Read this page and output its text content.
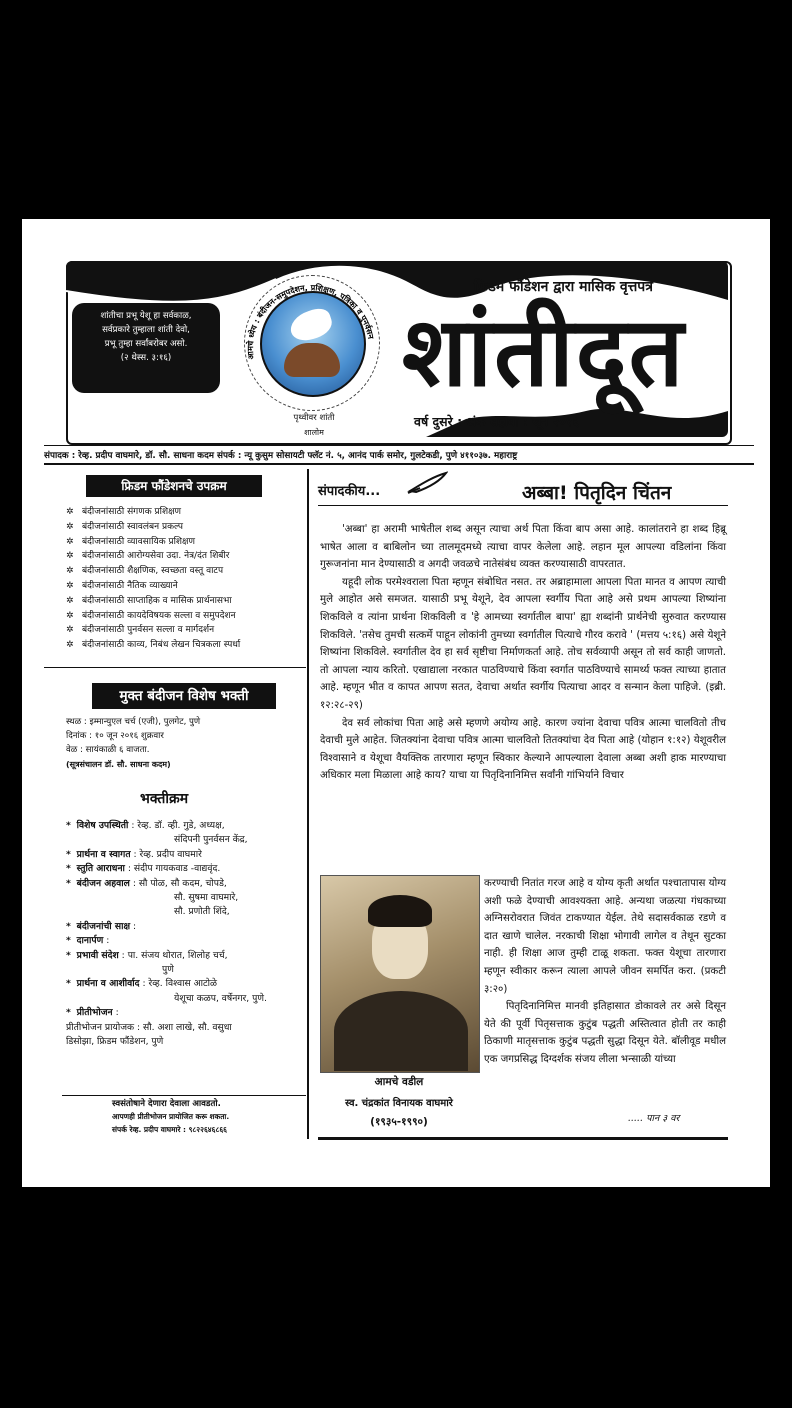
शांतीचा प्रभू येशू हा सर्वकाळ,
सर्वप्रकारे तुम्हाला शांती देवो,
प्रभू तुम्हा सर्वांबरोबर असो.
(२ थेस्स. ३:१६)	आमचे ध्येय : बंदीजन-समुपदेशन, प्रशिक्षण, पत्रिका व पुनर्वसन
पृथ्वीवर शांती
शालोम
फ्रिडम फौंडेशन द्वारा मासिक वृत्तपत्र
शांतीदूत
वर्ष दुसरे : अंक सहावा : जून २०१६
संपादक : रेव्ह. प्रदीप वाघमारे, डॉ. सौ. साधना कदम संपर्क : न्यू कुसुम सोसायटी फ्लॅट नं. ५, आनंद पार्क समोर, गुलटेकडी, पुणे ४११०३७. महाराष्ट्र
फ्रिडम फौंडेशनचे उपक्रम
✲ बंदीजनांसाठी संगणक प्रशिक्षण
✲ बंदीजनांसाठी स्वावलंबन प्रकल्प
✲ बंदीजनांसाठी व्यावसायिक प्रशिक्षण
✲ बंदीजनांसाठी आरोग्यसेवा उदा. नेत्र/दंत शिबीर
✲ बंदीजनांसाठी शैक्षणिक, स्वच्छता वस्तू वाटप
✲ बंदीजनांसाठी नैतिक व्याख्याने
✲ बंदीजनांसाठी साप्ताहिक व मासिक प्रार्थनासभा
✲ बंदीजनांसाठी कायदेविषयक सल्ला व समुपदेशन
✲ बंदीजनांसाठी पुनर्वसन सल्ला व मार्गदर्शन
✲ बंदीजनांसाठी काव्य, निबंध लेखन चित्रकला स्पर्धा
मुक्त बंदीजन विशेष भक्ती
स्थळ : इम्मान्युएल चर्च (एजी), पुलगेट, पुणे
दिनांक : १० जून २०१६ शुक्रवार
वेळ : सायंकाळी ६ वाजता.
(सूत्रसंचालन डॉ. सौ. साधना कदम)
भक्तीक्रम
* विशेष उपस्थिती : रेव्ह. डॉ. व्ही. गुडे, अध्यक्ष,
संदिपनी पुनर्वसन केंद्र,
* प्रार्थना व स्वागत : रेव्ह. प्रदीप वाघमारे
* स्तुति आराधना : संदीप गायकवाड -वाद्यवृंद.
* बंदीजन अहवाल : सौ पोळ, सौ कदम, चोपडे,
सौ. सुषमा वाघमारे,
सौ. प्रणोती शिंदे,
* बंदीजनांची साक्ष :
* दानार्पण :
* प्रभावी संदेश : पा. संजय थोरात, शिलोह चर्च,
पुणे
* प्रार्थना व आशीर्वाद : रेव्ह. विश्वास आटोळे
येशूचा कळप, वर्षेनगर, पुणे.
* प्रीतीभोजन :
प्रीतीभोजन प्रायोजक : सौ. अशा लाखे, सौ. वसुधा
डिसोझा, फ्रिडम फौंडेशन, पुणे
स्वसंतोषाने देणारा देवाला आवडतो.
आपणही प्रीतीभोजन प्रायोजित करू शकता.
संपर्क रेव्ह. प्रदीप वाघमारे : ९८२२६४६८६६
संपादकीय...	अब्बा! पितृदिन चिंतन

'अब्बा' हा अरामी भाषेतील शब्द असून त्याचा अर्थ पिता किंवा बाप असा आहे. कालांतराने हा शब्द हिब्रू भाषेत आला व बाबिलोन च्या तालमूदमध्ये त्याचा वापर केलेला आहे. लहान मूल आपल्या वडिलांना किंवा गुरूजनांना मान देण्यासाठी व अगदी जवळचे नातेसंबंध व्यक्त करण्यासाठी वापरतात.

यहूदी लोक परमेश्वराला पिता म्हणून संबोधित नसत. तर अब्राहामाला आपला पिता मानत व आपण त्याची मुले आहोत असे समजत. यासाठी प्रभू येशूने, देव आपला स्वर्गीय पिता आहे असे प्रथम आपल्या शिष्यांना शिकविले व त्यांना प्रार्थना शिकविली व 'हे आमच्या स्वर्गातील बापा' ह्या शब्दांनी प्रार्थनेची सुरुवात करण्यास शिकविले. 'तसेच तुमची सत्कर्मे पाहून लोकांनी तुमच्या स्वर्गातील पित्याचे गौरव करावे ' (मत्तय ५:१६) असे येशूने शिष्यांना शिकविले. स्वर्गातील देव हा सर्व सृष्टीचा निर्माणकर्ता आहे. तोच सर्वव्यापी असून तो सर्व काही जाणतो. तो आपला न्याय करितो. एखाद्याला नरकात पाठविण्याचे किंवा स्वर्गात पाठविण्याचे सामर्थ्य फक्त त्याच्या हातात आहे. म्हणून भीत व कापत आपण सतत, देवाचा अर्थात स्वर्गीय पित्याचा आदर व सन्मान केला पाहिजे. (इब्री. १२:२८-२९)

देव सर्व लोकांचा पिता आहे असे म्हणणे अयोग्य आहे. कारण ज्यांना देवाचा पवित्र आत्मा चालवितो तीच देवाची मुले आहेत. जितक्यांना देवाचा पवित्र आत्मा चालवितो तितक्यांचा देव पिता आहे (योहान १:१२) येशूवरील विश्वासाने व येशूचा वैयक्तिक तारणारा म्हणून स्विकार केल्याने आपल्याला देवाला अब्बा अशी हाक मारण्याचा अधिकार मला मिळाला आहे काय? याचा या पितृदिनानिमित्त सर्वांनी गांभिर्याने विचार

आमचे वडील
स्व. चंद्रकांत विनायक वाघमारे
(१९३५-१९९०)

करण्याची नितांत गरज आहे व योग्य कृती अर्थात पश्चातापास योग्य अशी फळे देण्याची आवश्यक्ता आहे. अन्यथा जळत्या गंधकाच्या अग्निसरोवरात जिवंत टाकण्यात येईल. तेथे सदासर्वकाळ रडणे व दात खाणे चालेल. नरकाची शिक्षा भोगावी लागेल व तेथून सुटका नाही. ही शिक्षा आज तुम्ही टाळू शकता. फक्त येशूचा तारणारा म्हणून स्वीकार करून त्याला आपले जीवन समर्पित करा. (प्रकटी ३:२०)

पितृदिनानिमित्त मानवी इतिहासात डोकावले तर असे दिसून येते की पूर्वी पितृसत्ताक कुटुंब पद्धती अस्तित्वात होती तर काही ठिकाणी मातृसत्ताक कुटुंब पद्धती सुद्धा दिसून येते. बॉलीवूड मधील एक जगप्रसिद्ध दिग्दर्शक संजय लीला भन्साळी यांच्या

..... पान ३ वर
